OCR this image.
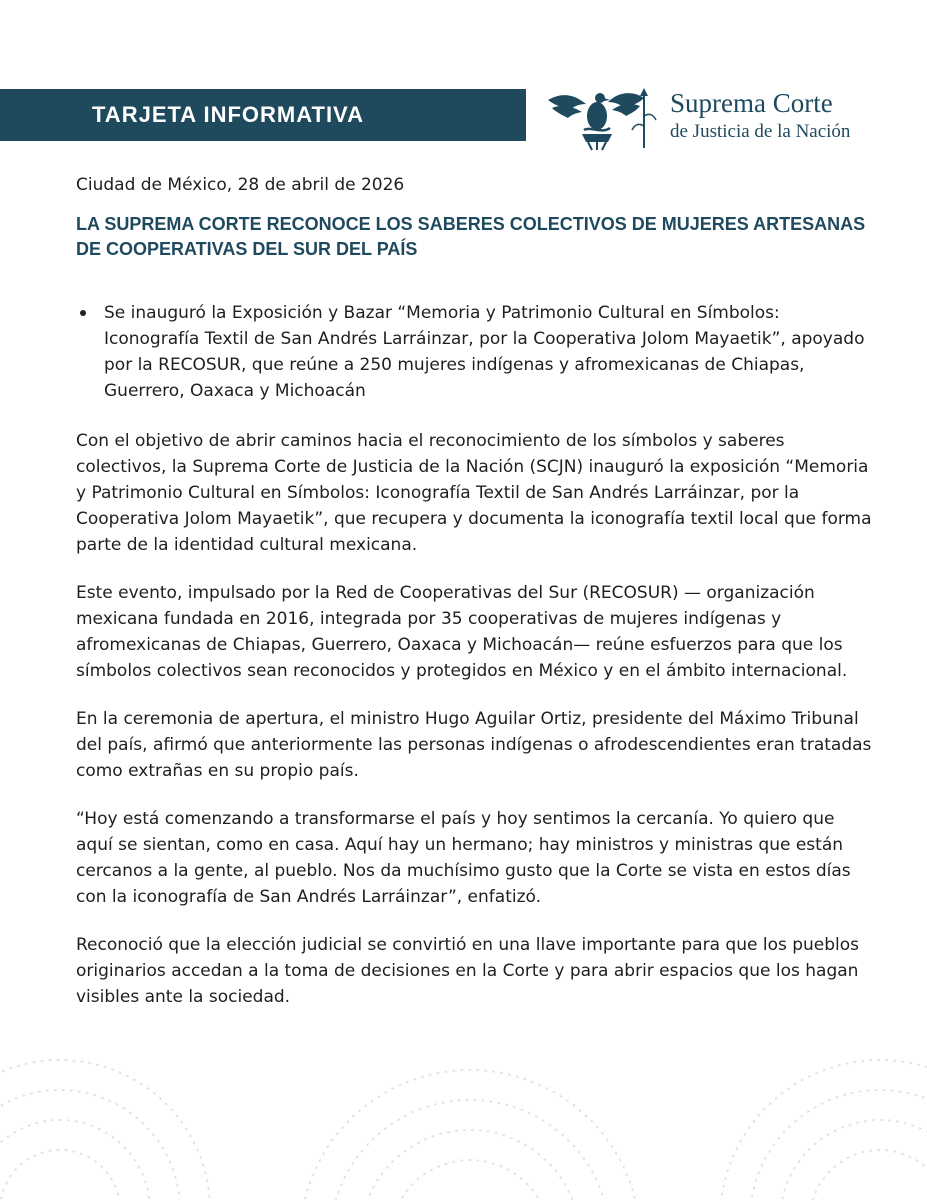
TARJETA INFORMATIVA	Suprema Corte
de Justicia de la Nación

Ciudad de México, 28 de abril de 2026

LA SUPREMA CORTE RECONOCE LOS SABERES COLECTIVOS DE MUJERES ARTESANAS DE COOPERATIVAS DEL SUR DEL PAÍS
Se inauguró la Exposición y Bazar “Memoria y Patrimonio Cultural en Símbolos: Iconografía Textil de San Andrés Larráinzar, por la Cooperativa Jolom Mayaetik”, apoyado por la RECOSUR, que reúne a 250 mujeres indígenas y afromexicanas de Chiapas, Guerrero, Oaxaca y Michoacán

Con el objetivo de abrir caminos hacia el reconocimiento de los símbolos y saberes colectivos, la Suprema Corte de Justicia de la Nación (SCJN) inauguró la exposición “Memoria y Patrimonio Cultural en Símbolos: Iconografía Textil de San Andrés Larráinzar, por la Cooperativa Jolom Mayaetik”, que recupera y documenta la iconografía textil local que forma parte de la identidad cultural mexicana.

Este evento, impulsado por la Red de Cooperativas del Sur (RECOSUR) — organización mexicana fundada en 2016, integrada por 35 cooperativas de mujeres indígenas y afromexicanas de Chiapas, Guerrero, Oaxaca y Michoacán— reúne esfuerzos para que los símbolos colectivos sean reconocidos y protegidos en México y en el ámbito internacional.

En la ceremonia de apertura, el ministro Hugo Aguilar Ortiz, presidente del Máximo Tribunal del país, afirmó que anteriormente las personas indígenas o afrodescendientes eran tratadas como extrañas en su propio país.

“Hoy está comenzando a transformarse el país y hoy sentimos la cercanía. Yo quiero que aquí se sientan, como en casa. Aquí hay un hermano; hay ministros y ministras que están cercanos a la gente, al pueblo. Nos da muchísimo gusto que la Corte se vista en estos días con la iconografía de San Andrés Larráinzar”, enfatizó.

Reconoció que la elección judicial se convirtió en una llave importante para que los pueblos originarios accedan a la toma de decisiones en la Corte y para abrir espacios que los hagan visibles ante la sociedad.
